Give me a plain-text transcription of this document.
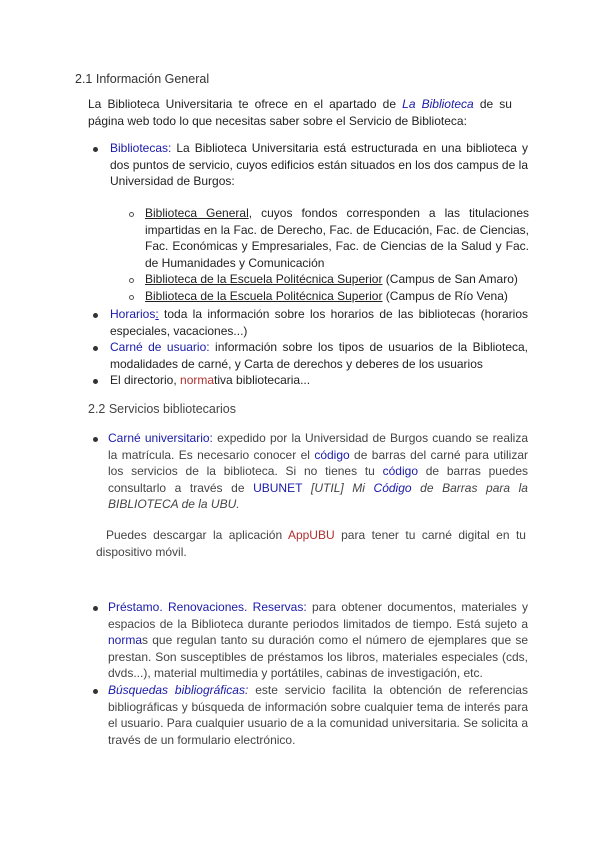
2.1 Información General
La Biblioteca Universitaria te ofrece en el apartado de La Biblioteca de su página web todo lo que necesitas saber sobre el Servicio de Biblioteca:
Bibliotecas: La Biblioteca Universitaria está estructurada en una biblioteca y dos puntos de servicio, cuyos edificios están situados en los dos campus de la Universidad de Burgos:
Biblioteca General, cuyos fondos corresponden a las titulaciones impartidas en la Fac. de Derecho, Fac. de Educación, Fac. de Ciencias, Fac. Económicas y Empresariales, Fac. de Ciencias de la Salud y Fac. de Humanidades y Comunicación
Biblioteca de la Escuela Politécnica Superior (Campus de San Amaro)
Biblioteca de la Escuela Politécnica Superior (Campus de Río Vena)
Horarios: toda la información sobre los horarios de las bibliotecas (horarios especiales, vacaciones...)
Carné de usuario: información sobre los tipos de usuarios de la Biblioteca, modalidades de carné, y Carta de derechos y deberes de los usuarios
El directorio, normativa bibliotecaria...
2.2 Servicios bibliotecarios
Carné universitario: expedido por la Universidad de Burgos cuando se realiza la matrícula. Es necesario conocer el código de barras del carné para utilizar los servicios de la biblioteca. Si no tienes tu código de barras puedes consultarlo a través de UBUNET [UTIL] Mi Código de Barras para la BIBLIOTECA de la UBU.
Puedes descargar la aplicación AppUBU para tener tu carné digital en tu dispositivo móvil.
Préstamo. Renovaciones. Reservas: para obtener documentos, materiales y espacios de la Biblioteca durante periodos limitados de tiempo. Está sujeto a normas que regulan tanto su duración como el número de ejemplares que se prestan. Son susceptibles de préstamos los libros, materiales especiales (cds, dvds...), material multimedia y portátiles, cabinas de investigación, etc.
Búsquedas bibliográficas: este servicio facilita la obtención de referencias bibliográficas y búsqueda de información sobre cualquier tema de interés para el usuario. Para cualquier usuario de a la comunidad universitaria. Se solicita a través de un formulario electrónico.
